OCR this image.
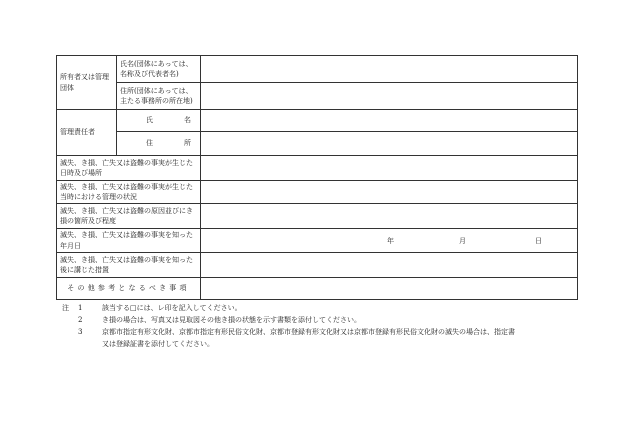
所有者又は管理団体	氏名(団体にあっては、名称及び代表者名)	
	住所(団体にあっては、主たる事務所の所在地)	
管理責任者	氏 名	

	住 所	

滅失、き損、亡失又は盗難の事実が生じた日時及び場所		
滅失、き損、亡失又は盗難の事実が生じた当時における管理の状況		
滅失、き損、亡失又は盗難の原因並びにき損の箇所及び程度		
滅失、き損、亡失又は盗難の事実を知った年月日		年 月 日

滅失、き損、亡失又は盗難の事実を知った後に講じた措置		
その他参考となるべき事項		
注	1	該当する□には、レ印を記入してください。
2	き損の場合は、写真又は見取図その他き損の状態を示す書類を添付してください。
3	京都市指定有形文化財、京都市指定有形民俗文化財、京都市登録有形文化財又は京都市登録有形民俗文化財の滅失の場合は、指定書
又は登録証書を添付してください。
